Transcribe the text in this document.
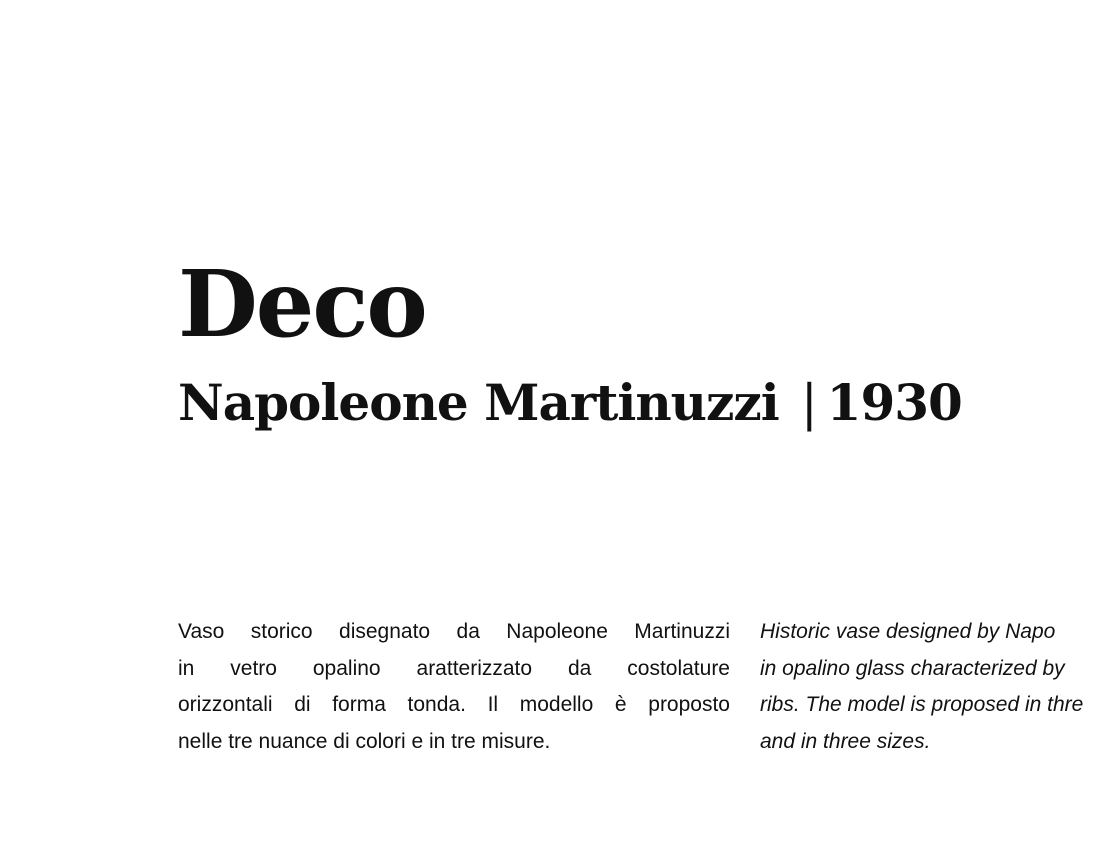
Deco
Napoleone Martinuzzi | 1930

Vaso storico disegnato da Napoleone Martinuzzi
in vetro opalino aratterizzato da costolature
orizzontali di forma tonda. Il modello è proposto
nelle tre nuance di colori e in tre misure.

Historic vase designed by Napo
in opalino glass characterized by
ribs. The model is proposed in thre
and in three sizes.
